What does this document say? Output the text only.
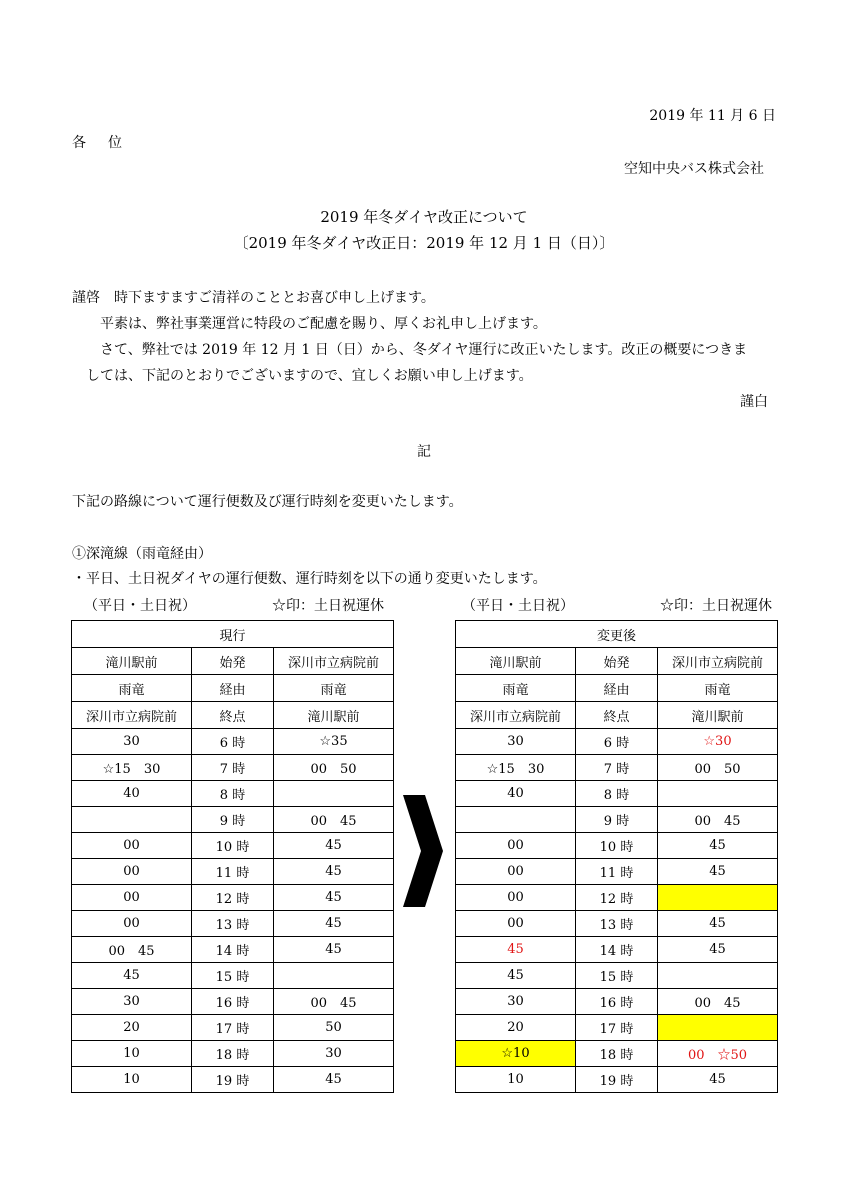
2019 年 11 月 6 日
各位
空知中央バス株式会社
2019 年冬ダイヤ改正について
〔2019 年冬ダイヤ改正日：2019 年 12 月 1 日（日）〕
謹啓　時下ますますご清祥のこととお喜び申し上げます。
平素は、弊社事業運営に特段のご配慮を賜り、厚くお礼申し上げます。
さて、弊社では 2019 年 12 月 1 日（日）から、冬ダイヤ運行に改正いたします。改正の概要につきま
しては、下記のとおりでございますので、宜しくお願い申し上げます。
謹白
記
下記の路線について運行便数及び運行時刻を変更いたします。
①深滝線（雨竜経由）
・平日、土日祝ダイヤの運行便数、運行時刻を以下の通り変更いたします。
（平日・土日祝）	☆印：土日祝運休	（平日・土日祝）	☆印：土日祝運休
現行		
滝川駅前	始発	深川市立病院前
雨竜	経由	雨竜
深川市立病院前	終点	滝川駅前
30	6 時	☆35
☆15　30	7 時	00　50
40	8 時	
	9 時	00　45
00	10 時	45
00	11 時	45
00	12 時	45
00	13 時	45
00　45	14 時	45
45	15 時	
30	16 時	00　45
20	17 時	50
10	18 時	30
10	19 時	45
変更後		
滝川駅前	始発	深川市立病院前
雨竜	経由	雨竜
深川市立病院前	終点	滝川駅前
30	6 時	☆30
☆15　30	7 時	00　50
40	8 時	
	9 時	00　45
00	10 時	45
00	11 時	45
00	12 時	
00	13 時	45
45	14 時	45
45	15 時	
30	16 時	00　45
20	17 時	
☆10	18 時	00　☆50
10	19 時	45
